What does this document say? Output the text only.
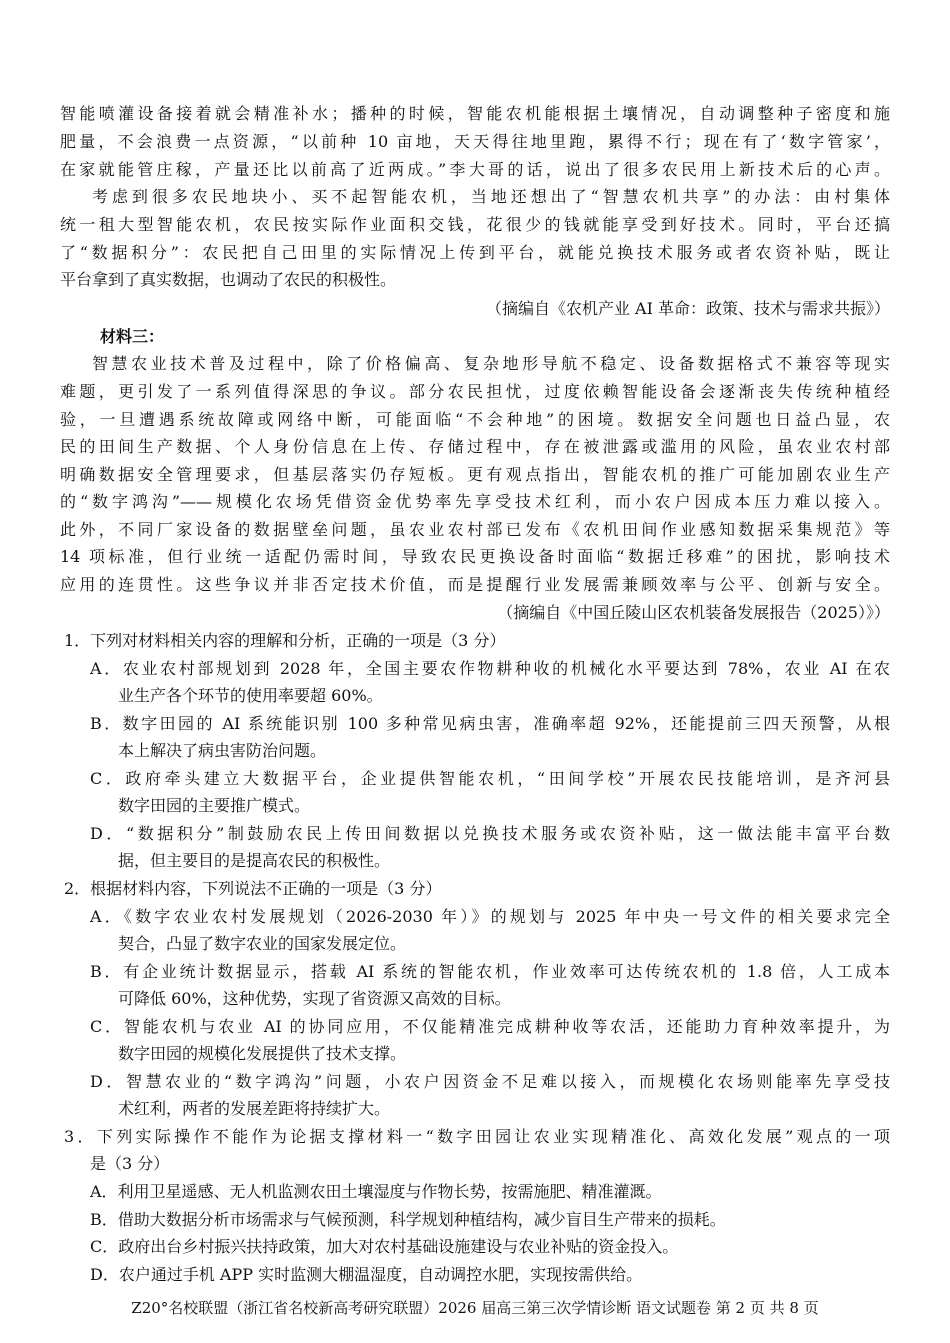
智能喷灌设备接着就会精准补水；播种的时候，智能农机能根据土壤情况，自动调整种子密度和施
肥量，不会浪费一点资源，“以前种 10 亩地，天天得往地里跑，累得不行；现在有了‘数字管家’，
在家就能管庄稼，产量还比以前高了近两成。”李大哥的话，说出了很多农民用上新技术后的心声。
考虑到很多农民地块小、买不起智能农机，当地还想出了“智慧农机共享”的办法：由村集体
统一租大型智能农机，农民按实际作业面积交钱，花很少的钱就能享受到好技术。同时，平台还搞
了“数据积分”：农民把自己田里的实际情况上传到平台，就能兑换技术服务或者农资补贴，既让
平台拿到了真实数据，也调动了农民的积极性。
（摘编自《农机产业 AI 革命：政策、技术与需求共振》）
材料三：
智慧农业技术普及过程中，除了价格偏高、复杂地形导航不稳定、设备数据格式不兼容等现实
难题，更引发了一系列值得深思的争议。部分农民担忧，过度依赖智能设备会逐渐丧失传统种植经
验，一旦遭遇系统故障或网络中断，可能面临“不会种地”的困境。数据安全问题也日益凸显，农
民的田间生产数据、个人身份信息在上传、存储过程中，存在被泄露或滥用的风险，虽农业农村部
明确数据安全管理要求，但基层落实仍存短板。更有观点指出，智能农机的推广可能加剧农业生产
的“数字鸿沟”——规模化农场凭借资金优势率先享受技术红利，而小农户因成本压力难以接入。
此外，不同厂家设备的数据壁垒问题，虽农业农村部已发布《农机田间作业感知数据采集规范》等
14 项标准，但行业统一适配仍需时间，导致农民更换设备时面临“数据迁移难”的困扰，影响技术
应用的连贯性。这些争议并非否定技术价值，而是提醒行业发展需兼顾效率与公平、创新与安全。
（摘编自《中国丘陵山区农机装备发展报告（2025）》）
1．下列对材料相关内容的理解和分析，正确的一项是（3 分）
A．农业农村部规划到 2028 年，全国主要农作物耕种收的机械化水平要达到 78%，农业 AI 在农
业生产各个环节的使用率要超 60%。
B．数字田园的 AI 系统能识别 100 多种常见病虫害，准确率超 92%，还能提前三四天预警，从根
本上解决了病虫害防治问题。
C．政府牵头建立大数据平台，企业提供智能农机，“田间学校”开展农民技能培训，是齐河县
数字田园的主要推广模式。
D．“数据积分”制鼓励农民上传田间数据以兑换技术服务或农资补贴，这一做法能丰富平台数
据，但主要目的是提高农民的积极性。
2．根据材料内容，下列说法不正确的一项是（3 分）
A．《数字农业农村发展规划（2026-2030 年）》的规划与 2025 年中央一号文件的相关要求完全
契合，凸显了数字农业的国家发展定位。
B．有企业统计数据显示，搭载 AI 系统的智能农机，作业效率可达传统农机的 1.8 倍，人工成本
可降低 60%，这种优势，实现了省资源又高效的目标。
C．智能农机与农业 AI 的协同应用，不仅能精准完成耕种收等农活，还能助力育种效率提升，为
数字田园的规模化发展提供了技术支撑。
D．智慧农业的“数字鸿沟”问题，小农户因资金不足难以接入，而规模化农场则能率先享受技
术红利，两者的发展差距将持续扩大。
3．下列实际操作不能作为论据支撑材料一“数字田园让农业实现精准化、高效化发展”观点的一项
是（3 分）
A．利用卫星遥感、无人机监测农田土壤湿度与作物长势，按需施肥、精准灌溉。
B．借助大数据分析市场需求与气候预测，科学规划种植结构，减少盲目生产带来的损耗。
C．政府出台乡村振兴扶持政策，加大对农村基础设施建设与农业补贴的资金投入。
D．农户通过手机 APP 实时监测大棚温湿度，自动调控水肥，实现按需供给。
Z20°名校联盟（浙江省名校新高考研究联盟）2026 届高三第三次学情诊断 语文试题卷 第 2 页 共 8 页
